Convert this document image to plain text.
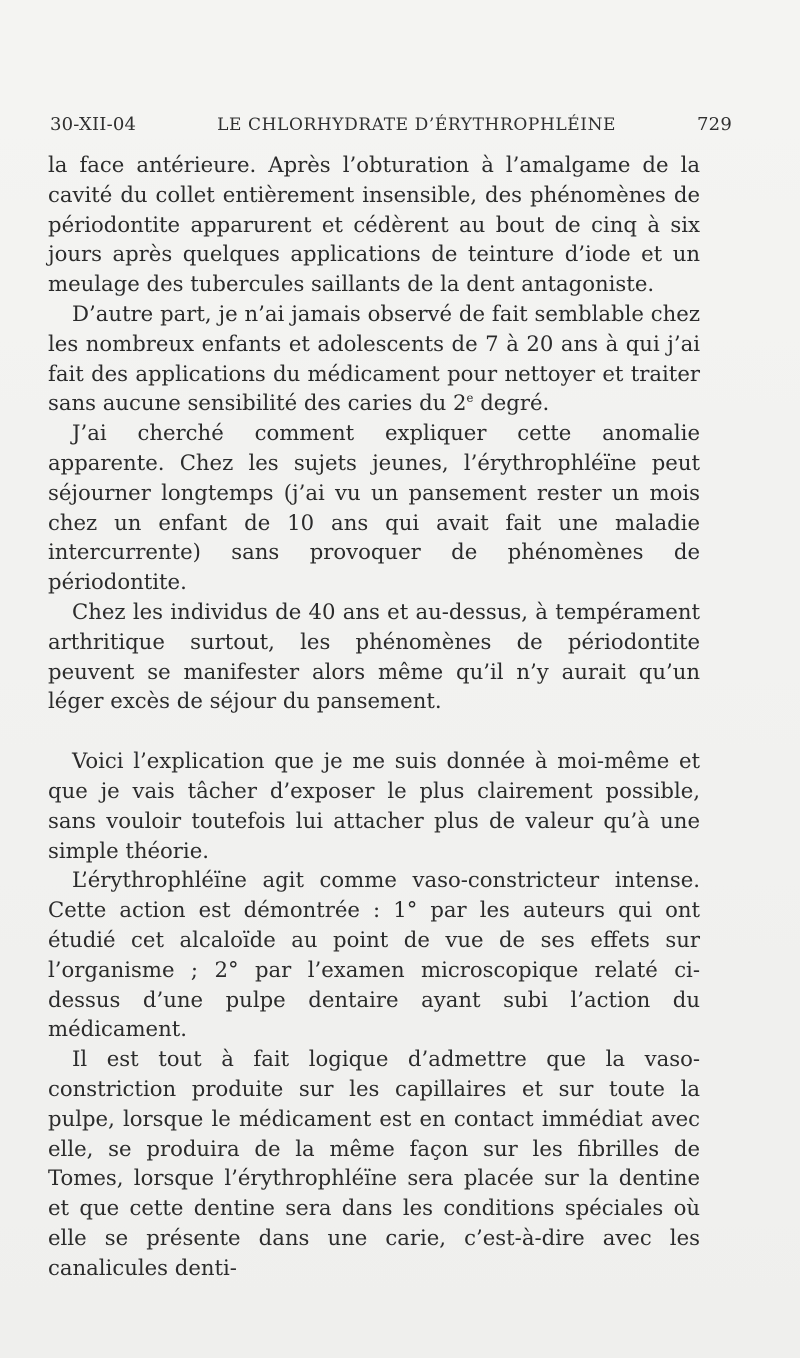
30-XII-04	LE CHLORHYDRATE D’ÉRYTHROPHLÉINE	729

la face antérieure. Après l’obturation à l’amalgame de la cavité du collet entièrement insensible, des phénomènes de périodontite apparurent et cédèrent au bout de cinq à six jours après quelques applications de teinture d’iode et un meulage des tubercules saillants de la dent antagoniste.

D’autre part, je n’ai jamais observé de fait semblable chez les nombreux enfants et adolescents de 7 à 20 ans à qui j’ai fait des applications du médicament pour nettoyer et traiter sans aucune sensibilité des caries du 2e degré.

J’ai cherché comment expliquer cette anomalie apparente. Chez les sujets jeunes, l’érythrophléïne peut séjourner longtemps (j’ai vu un pansement rester un mois chez un enfant de 10 ans qui avait fait une maladie intercurrente) sans provoquer de phénomènes de périodontite.

Chez les individus de 40 ans et au-dessus, à tempérament arthritique surtout, les phénomènes de périodontite peuvent se manifester alors même qu’il n’y aurait qu’un léger excès de séjour du pansement.

Voici l’explication que je me suis donnée à moi-même et que je vais tâcher d’exposer le plus clairement possible, sans vouloir toutefois lui attacher plus de valeur qu’à une simple théorie.

L’érythrophléïne agit comme vaso-constricteur intense. Cette action est démontrée : 1° par les auteurs qui ont étudié cet alcaloïde au point de vue de ses effets sur l’organisme ; 2° par l’examen microscopique relaté ci-dessus d’une pulpe dentaire ayant subi l’action du médicament.

Il est tout à fait logique d’admettre que la vaso-constriction produite sur les capillaires et sur toute la pulpe, lorsque le médicament est en contact immédiat avec elle, se produira de la même façon sur les fibrilles de Tomes, lorsque l’érythrophléïne sera placée sur la dentine et que cette dentine sera dans les conditions spéciales où elle se présente dans une carie, c’est-à-dire avec les canalicules denti-
